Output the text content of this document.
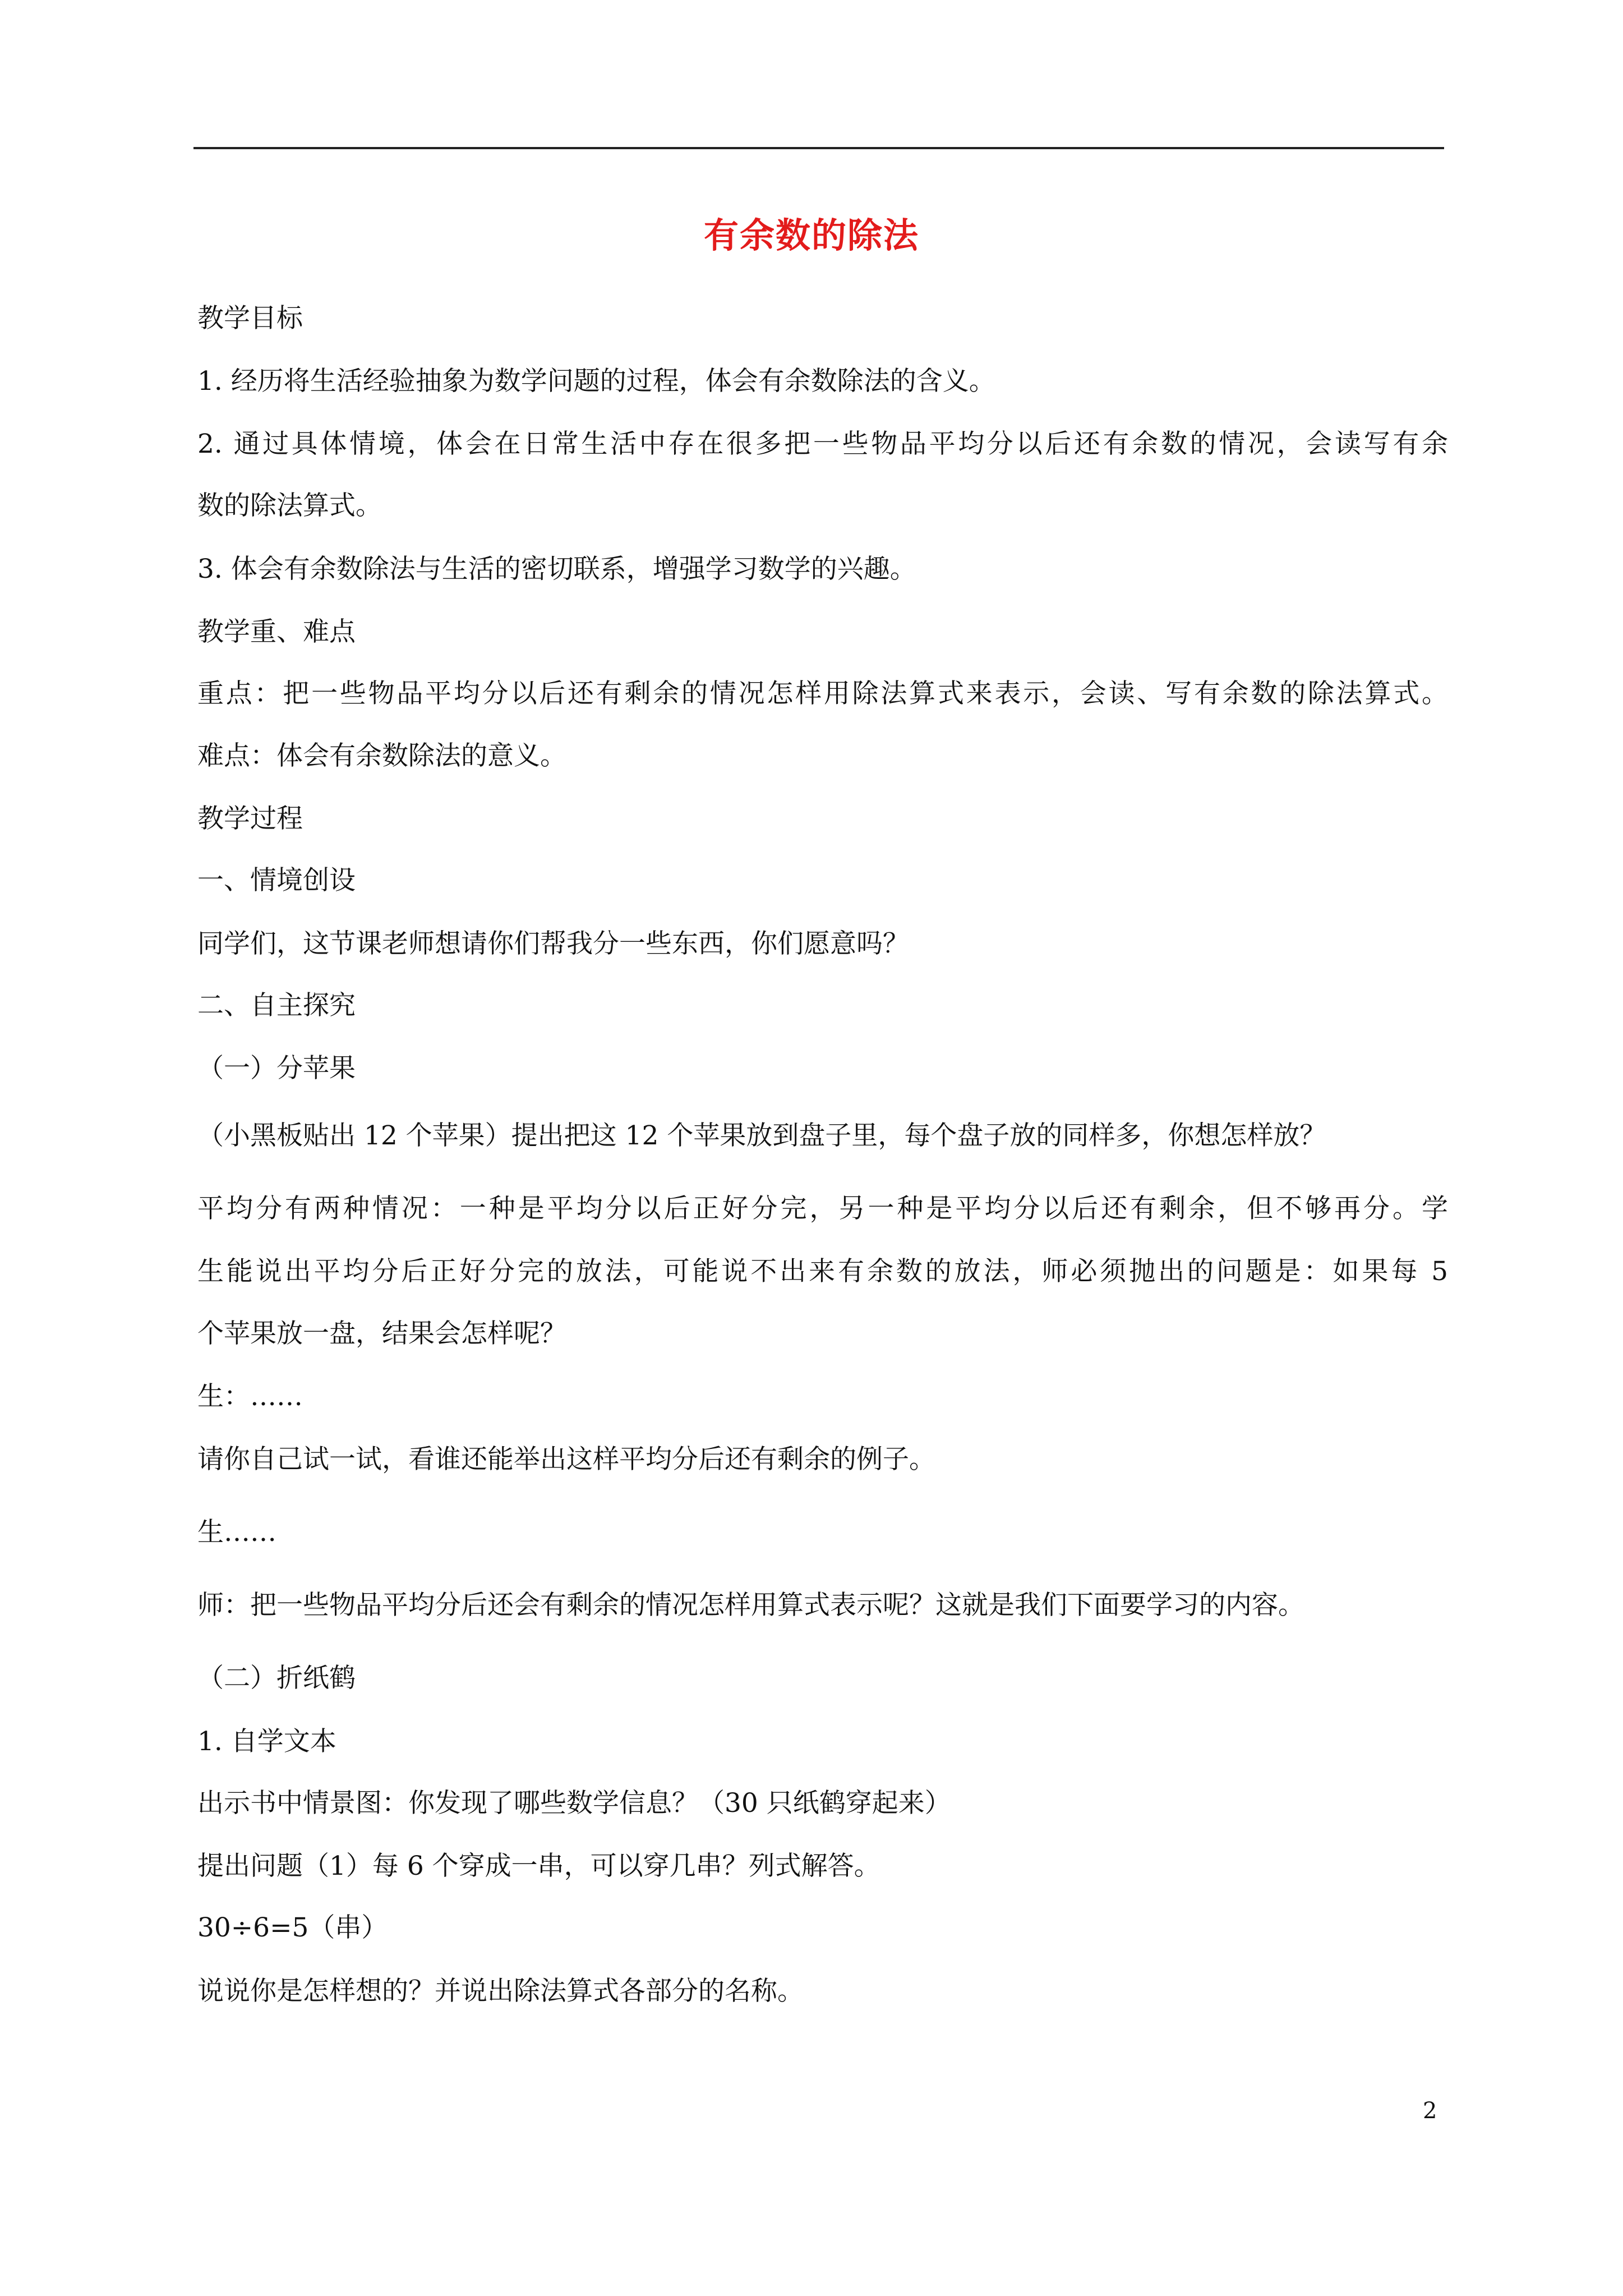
有余数的除法
教学目标
1. 经历将生活经验抽象为数学问题的过程，体会有余数除法的含义。
2. 通过具体情境，体会在日常生活中存在很多把一些物品平均分以后还有余数的情况，会读写有余
数的除法算式。
3. 体会有余数除法与生活的密切联系，增强学习数学的兴趣。
教学重、难点
重点：把一些物品平均分以后还有剩余的情况怎样用除法算式来表示，会读、写有余数的除法算式。
难点：体会有余数除法的意义。
教学过程
一、情境创设
同学们，这节课老师想请你们帮我分一些东西，你们愿意吗？
二、自主探究
（一）分苹果
（小黑板贴出 12 个苹果）提出把这 12 个苹果放到盘子里，每个盘子放的同样多，你想怎样放？
平均分有两种情况：一种是平均分以后正好分完，另一种是平均分以后还有剩余，但不够再分。学
生能说出平均分后正好分完的放法，可能说不出来有余数的放法，师必须抛出的问题是：如果每 5
个苹果放一盘，结果会怎样呢？
生：……
请你自己试一试，看谁还能举出这样平均分后还有剩余的例子。
生……
师：把一些物品平均分后还会有剩余的情况怎样用算式表示呢？这就是我们下面要学习的内容。
（二）折纸鹤
1. 自学文本
出示书中情景图：你发现了哪些数学信息？（30 只纸鹤穿起来）
提出问题（1）每 6 个穿成一串，可以穿几串？列式解答。
30÷6=5（串）
说说你是怎样想的？并说出除法算式各部分的名称。
2
